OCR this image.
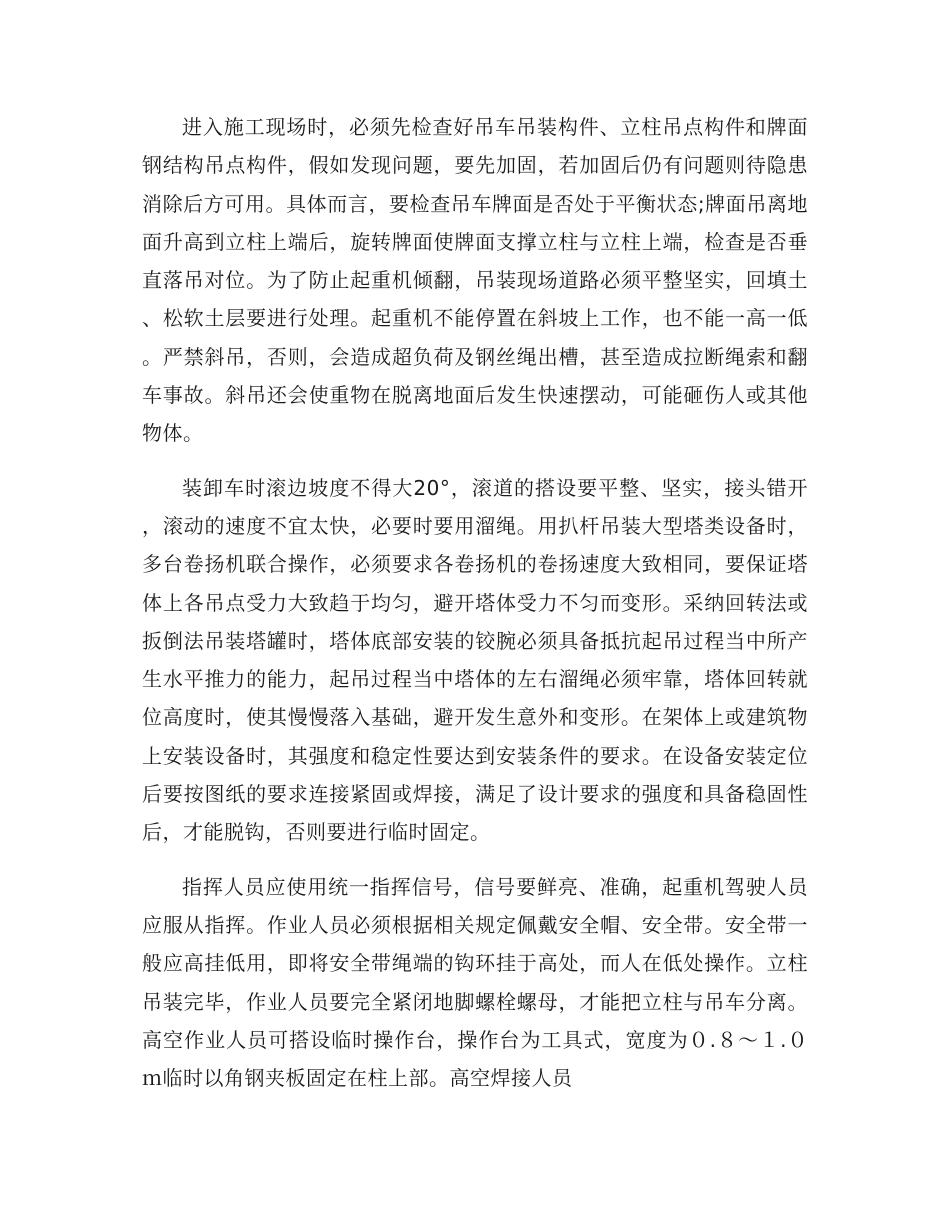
进入施工现场时，必须先检查好吊车吊装构件、立柱吊点构件和牌面钢结构吊点构件，假如发现问题，要先加固，若加固后仍有问题则待隐患消除后方可用。具体而言，要检查吊车牌面是否处于平衡状态;牌面吊离地面升高到立柱上端后，旋转牌面使牌面支撑立柱与立柱上端，检查是否垂直落吊对位。为了防止起重机倾翻，吊装现场道路必须平整坚实，回填土、松软土层要进行处理。起重机不能停置在斜坡上工作，也不能一高一低。严禁斜吊，否则，会造成超负荷及钢丝绳出槽，甚至造成拉断绳索和翻车事故。斜吊还会使重物在脱离地面后发生快速摆动，可能砸伤人或其他物体。

装卸车时滚边坡度不得大20°，滚道的搭设要平整、坚实，接头错开，滚动的速度不宜太快，必要时要用溜绳。用扒杆吊装大型塔类设备时，多台卷扬机联合操作，必须要求各卷扬机的卷扬速度大致相同，要保证塔体上各吊点受力大致趋于均匀，避开塔体受力不匀而变形。采纳回转法或扳倒法吊装塔罐时，塔体底部安装的铰腕必须具备抵抗起吊过程当中所产生水平推力的能力，起吊过程当中塔体的左右溜绳必须牢靠，塔体回转就位高度时，使其慢慢落入基础，避开发生意外和变形。在架体上或建筑物上安装设备时，其强度和稳定性要达到安装条件的要求。在设备安装定位后要按图纸的要求连接紧固或焊接，满足了设计要求的强度和具备稳固性后，才能脱钩，否则要进行临时固定。

指挥人员应使用统一指挥信号，信号要鲜亮、准确，起重机驾驶人员应服从指挥。作业人员必须根据相关规定佩戴安全帽、安全带。安全带一般应高挂低用，即将安全带绳端的钩环挂于高处，而人在低处操作。立柱吊装完毕，作业人员要完全紧闭地脚螺栓螺母，才能把立柱与吊车分离。高空作业人员可搭设临时操作台，操作台为工具式，宽度为０.８～１.０ｍ临时以角钢夹板固定在柱上部。高空焊接人员
